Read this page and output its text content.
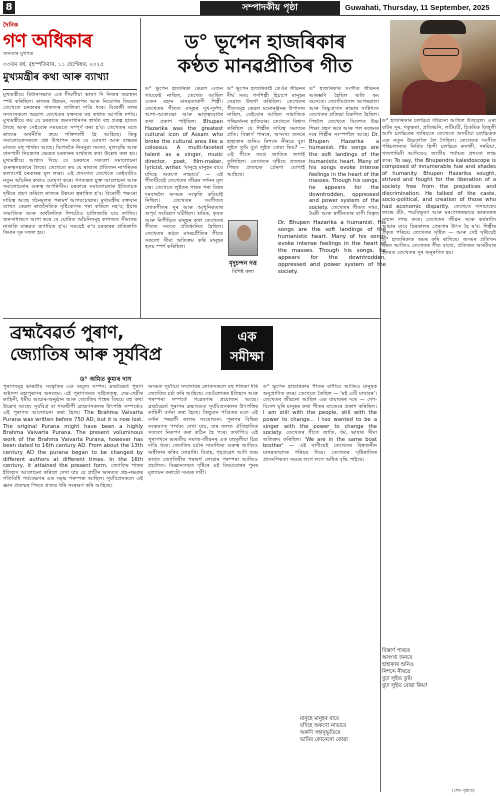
8	সম্পাদকীয় পৃষ্ঠা	Guwahati, Thursday, 11 September, 2025
দৈনিক
গণ অধিকাৰ
জনতাৰ মুখপত্ৰ
৩৩তম বৰ্ষ, বৃহস্পতিবাৰ, ১১ ছেপ্টেম্বৰ, ২০২৫
মুখ্যমন্ত্ৰীৰ কথা আৰু ব্যাখ্যা
মুখ্যমন্ত্ৰীয়ে বিধানসভাত এক দীঘলীয়া ভাষণ দি নিজৰ অৱস্থান স্পষ্ট কৰিছিল। ৰাজ্যৰ উন্নয়ন, সংস্থাপন আৰু নিয়োগৰ বিষয়ত তেখেতে চৰকাৰৰ সাফল্যৰ তালিকা দাঙি ধৰে। বিৰোধী দলৰ সদস্যসকলে অৱশ্যে তেখেতৰ বক্তব্যৰ বহু কথাত আপত্তি দৰ্শায়। মুখ্যমন্ত্ৰীয়ে কয় যে চৰকাৰে জনসাধাৰণৰ স্বাৰ্থত বহু প্ৰকল্প হাতত লৈছে আৰু সেইবোৰ সময়মতে সম্পূৰ্ণ কৰা হ'ব। তেখেতৰ মতে ৰাজ্যৰ অৰ্থনীতি ক্ৰমে শক্তিশালী হৈ আহিছে। কিন্তু সমালোচকসকলে প্ৰশ্ন উত্থাপন কৰে যে ঘোষণা আৰু বাস্তৱৰ মাজত বহু পাৰ্থক্য আছে। বিশেষকৈ নিবনুৱা সমস্যা, মূল্যবৃদ্ধি আৰু বানপানী নিয়ন্ত্ৰণৰ ক্ষেত্ৰত চৰকাৰৰ ব্যৰ্থতাৰ কথা উল্লেখ কৰা হয়। মুখ্যমন্ত্ৰীয়ে আশ্বাস দিয়ে যে চৰকাৰে সকলো সমালোচনা গুৰুত্বসহকাৰে লৈছে। তেখেতে কয় যে ৰাজ্যৰ প্ৰতিজন নাগৰিকৰ কল্যাণেই চৰকাৰৰ মূল লক্ষ্য। এই প্ৰসংগত তেখেতে কেইবাটাও নতুন আঁচনিৰ কথাও ঘোষণা কৰে। গণতন্ত্ৰত মুক্ত আলোচনা আৰু সমালোচনাৰ গুৰুত্ব অপৰিসীম। চৰকাৰে সমালোচনাক ইতিবাচক দৃষ্টিৰে গ্ৰহণ কৰিলে ৰাজ্যৰ উন্নয়ন ত্বৰান্বিত হ'ব। বিৰোধী পক্ষৰো দায়িত্ব আছে গঠনমূলক পৰামৰ্শ আগবঢ়োৱাৰ। মুখ্যমন্ত্ৰীৰ বক্তব্যৰ ব্যাখ্যা কেৱল ৰাজনৈতিক দৃষ্টিকোণৰ পৰা কৰিলে নহ'ব; ইয়াৰ সামাজিক আৰু অৰ্থনৈতিক দিশটোও চালিজাৰি চাব লাগিব। জনসাধাৰণে আশা কৰে যে ঘোষিত আঁচনিসমূহ কাগজত সীমাবদ্ধ নাথাকি বাস্তৱত ৰূপায়িত হ'ব। সময়েই ক'ব চৰকাৰৰ প্ৰতিশ্ৰুতি কিমান দূৰ সফল হয়।
ড° ভূপেন হাজৰিকাৰ
কণ্ঠত মানৱপ্ৰীতিৰ গীত
ড° ভূপেন হাজৰিকা কেৱল এজন গায়কেই নাছিল, তেখেত আছিল এজন মহান মানৱতাবাদী শিল্পী। তেখেতৰ গীতত মানুহৰ দুখ-দুৰ্দশা, আশা-আকাংক্ষা আৰু ভাতৃত্ববোধৰ কথা প্ৰকাশ পাইছিল। Bhupen Hazarika was the greatest cultural icon of Assam who broke the cultural area like a colossus. A multi-faceted talent as a singer, music director, poet, film-maker, lyricist, writer. 'মানুহে মানুহৰ বাবে যদিহে অকণো নাভাবে' — এই গীতটিয়েই তেখেতৰ জীৱন দৰ্শনৰ মূল মন্ত্ৰ। তেখেতে লুইতৰ পাৰৰ পৰা বিশ্বৰ দৰবাৰলৈ অসমৰ সংস্কৃতি কঢ়িয়াই নিছিল। তেখেতৰ সংগীতত লোকগীতৰ সুৰ আৰু আধুনিকতাৰ অপূৰ্ব সংমিশ্ৰণ ঘটিছিল। শ্ৰমিক, কৃষক আৰু নিপীড়িত মানুহৰ কথা তেখেতৰ গীতত সততে প্ৰতিধ্বনিত হৈছিল। তেখেতৰ কণ্ঠত মানৱপ্ৰীতিৰ গীতে সকলো সীমা অতিক্ৰম কৰি মানুহৰ হৃদয় স্পৰ্শ কৰিছিল।
ড° ভূপেন হাজৰিকাই তেওঁৰ জীৱনৰ দীৰ্ঘ সময় গণশিল্পী হিচাপে মানুহৰ সেৱাত উছৰ্গা কৰিছিল। তেখেতৰ গীতসমূহ কেৱল মনোৰঞ্জনৰ উপাদান নাছিল, সেইবোৰ আছিল সামাজিক পৰিৱৰ্তনৰ হাতিয়াৰ। তেখেতে বিশ্বাস কৰিছিল যে শিল্পীৰ দায়িত্ব সমাজৰ প্ৰতি। বিস্তাৰ্ণ পাৰৰে, অসংখ্য জনৰে হাহাকাৰ শুনিও নিশব্দে নীৰৱে বুঢ়া লুইত তুমি বুঢ়া লুইত বোৱা কিয়? — এই গীতে সমগ্ৰ জাতিক জগাই তুলিছিল। তেখেতৰ সৃষ্টিয়ে প্ৰজন্মৰ পিছত প্ৰজন্মক প্ৰেৰণা যোগাই আহিছে।
ড° হাজৰিকাৰ সংগীত জীৱনৰ আৰম্ভণি হৈছিল অতি কম বয়সতে। জ্যোতিপ্ৰসাদ আগৰৱালা আৰু বিষ্ণুপ্ৰসাদ ৰাভাৰ সান্নিধ্যত তেখেতৰ প্ৰতিভা বিকশিত হৈছিল। পিছলৈ তেখেতে বিদেশত উচ্চ শিক্ষা গ্ৰহণ কৰে আৰু পল ৰবছনৰ দৰে শিল্পীৰ সংস্পৰ্শলৈ আহে। Dr. Bhupen Hazarika a humanist. His songs are the soft landings of the humanistic heart. Many of his songs evoke intense feelings in the heart of the masses. Though his songs, he appears for the downtrodden, oppressed and power system of the society. তেখেতৰ গীতত সাম্য, মৈত্ৰী আৰু স্বাধীনতাৰ বাণী বিস্তৃত
মৃদুচন্দন দত্ত
বিশিষ্ট কলা
Dr. Bhupen Hazarika a humanist. His songs are the soft landings of the humanistic heart. Many of his songs evoke intense feelings in the heart of the masses. Though his songs, he appears for the downtrodden, oppressed and power system of the society.
ব্ৰহ্মবৈৱৰ্ত পুৰাণ,
জ্যোতিষ আৰু সূৰ্যবিপ্ৰ
এক
সমীক্ষা
ড° অমিত কুমাৰ দাস
পুৰাণসমূহ ভাৰতীয় সংস্কৃতিৰ এক অমূল্য সম্পদ। ব্ৰহ্মবৈৱৰ্ত পুৰাণ অষ্টাদশ মহাপুৰাণৰ অন্যতম। এই পুৰাণখনত সৃষ্টিতত্ত্ব, দেৱ-দেৱীৰ কাহিনী, ধৰ্মীয় আচাৰ-অনুষ্ঠান আৰু জ্যোতিষ শাস্ত্ৰৰ বিষয়ে বহু কথা উল্লেখ আছে। সূৰ্যবিপ্ৰ বা শাকদ্বীপী ব্ৰাহ্মণসকলৰ উৎপত্তি সম্পৰ্কেও এই পুৰাণত আলোচনা কৰা হৈছে। The Brahma Vaivarta Purana was written before 750 AD, but it is now lost. The original Purana might have been a highly Brahma Vaivarta Purana. The present voluminous work of the Brahma Vaivarta Purana, however has been dated to 16th century AD. From about the 13th century AD the purana began to be changed by different authors at different times. In the 16th century, it attained the present form. জ্যোতিষ শাস্ত্ৰৰ ইতিহাস আলোচনা কৰিলে দেখা যায় যে প্ৰাচীন ভাৰতত গ্ৰহ-নক্ষত্ৰৰ গতিবিধি পৰ্যবেক্ষণৰ এক সমৃদ্ধ পৰম্পৰা আছিল। সূৰ্যবিপ্ৰসকলে এই জ্ঞান প্ৰজন্মৰ পিছত প্ৰজন্ম ধৰি সংৰক্ষণ কৰি আহিছে।
অসমত সূৰ্যবিপ্ৰ সম্প্ৰদায়ৰ লোকসকলে বহু শতিকা ধৰি জ্যোতিষ চৰ্চা কৰি আহিছে। তেওঁলোকৰ ইতিহাস আৰু পৰম্পৰা সম্পৰ্কে গৱেষণাৰ প্ৰয়োজন আছে। ব্ৰহ্মবৈৱৰ্ত পুৰাণৰ ব্ৰহ্মখণ্ডত সূৰ্যবিপ্ৰসকলৰ উৎপত্তিৰ কাহিনী বৰ্ণনা কৰা হৈছে। কিছুমান পণ্ডিতৰ মতে এই বৰ্ণনা পৰৱৰ্তী কালৰ সংযোজন। পুৰাণৰ বিভিন্ন সংস্কৰণত পাৰ্থক্য দেখা যায়, যাৰ ফলত ঐতিহাসিক সত্যতা নিৰূপণ কৰা কঠিন হৈ পৰে। তথাপিও এই পুৰাণখনে ভাৰতীয় সমাজ-জীৱনৰ এক বহুমূলীয়া চিত্ৰ দাঙি ধৰে। জ্যোতিষ চৰ্চাৰ সামাজিক গুৰুত্ব আজিও অস্বীকাৰ কৰিব নোৱাৰি। বিবাহ, গৃহপ্ৰৱেশ আদি শুভ কাৰ্যত জ্যোতিষীৰ পৰামৰ্শ লোৱাৰ পৰম্পৰা আজিও প্ৰচলিত। বিজ্ঞানসন্মত দৃষ্টিৰে এই বিষয়বোৰৰ পুনৰ মূল্যায়ন কৰাটো সময়ৰ দাবী।
ড° ভূপেন হাজৰিকাৰ গীতৰ বাণীয়ে আজিও মানুহক অনুপ্ৰাণিত কৰে। তেখেতে কৈছিল — 'মই এটি যাযাবৰ'। তেখেতৰ জীৱনো আছিল এক যাযাবৰৰ দৰে — দেশ-বিদেশ ঘূৰি মানুহৰ কথা গীতৰ মাজেৰে প্ৰকাশ কৰিছিল। I am still with the people, still with the power to change... I too wanted to be a singer with the power to change the society. তেখেতৰ গীতে জাতি, ধৰ্ম, ভাষাৰ সীমা অতিক্ৰম কৰিছিল। 'We are in the same boat brother' — এই বাণীয়েই তেখেতৰ বিশ্বজনীন মানৱতাবাদৰ পৰিচয় দিয়ে। তেখেতৰ সৃষ্টিৰাজিৰ প্ৰাসংগিকতা সময়ৰ লগে লগে অধিক বৃদ্ধি পাইছে।
মানুহে মানুহৰ বাবে
যদিহে অকণো নাভাবে
অকণি সহানুভূতিৰে
ভাবিব কোনেনো কোৱা
ড° হাজৰিকাৰ চলচ্চিত্ৰ জীৱনো আছিল উজ্জ্বল। এৰা বাটৰ সুৰ, শকুন্তলা, প্ৰতিধ্বনি, লটিঘটি, চিকমিক বিজুলী আদি চলচ্চিত্ৰৰ জৰিয়তে তেখেতে অসমীয়া চলচ্চিত্ৰক এক নতুন উচ্চতালৈ লৈ গৈছিল। তেখেতৰ সংগীত পৰিচালনাত নিৰ্মিত হিন্দী চলচ্চিত্ৰ ৰুদালী, দৰমিয়া, গজগামিনী আদিয়েও জাতীয় পৰ্যায়ত প্ৰশংসা লাভ কৰে। To say, the Bhupendra kaleidoscope is composed of innumerable hue and shades of humanity. Bhupen Hazarika sought, strived and fought for the liberation of a society free from the prejudices and discrimination. He talked of the caste, socio-political, and creation of those who had economic disparity. তেখেতে দাদাচাহেব ফাল্কে বঁটা, পদ্মবিভূষণ আৰু মৰণোত্তৰভাৱে ভাৰতৰত্ন সন্মান লাভ কৰে। তেখেতৰ জীৱন আৰু কৰ্মৰাজি আমাৰ বাবে চিৰকালৰ প্ৰেৰণাৰ উৎস হৈ ৰ'ব। শিল্পীৰ প্ৰকৃত পৰিচয় তেখেতৰ সৃষ্টিত — আৰু সেই সৃষ্টিয়েই ড° হাজৰিকাক অমৰ কৰি ৰাখিছে। অসমৰ প্ৰতিখন ঘৰত আজিও তেখেতৰ গীত বাজে, প্ৰতিজন অসমীয়াৰ হৃদয়ত তেখেতৰ সুৰ অনুৰণিত হয়।
বিস্তাৰ্ণ পাৰৰে
অসংখ্য জনৰে
হাহাকাৰ শুনিও
নিশব্দে নীৰৱে
বুঢ়া লুইত তুমি
বুঢ়া লুইত বোৱা কিয়?
(শেষ পৃষ্ঠাত)
